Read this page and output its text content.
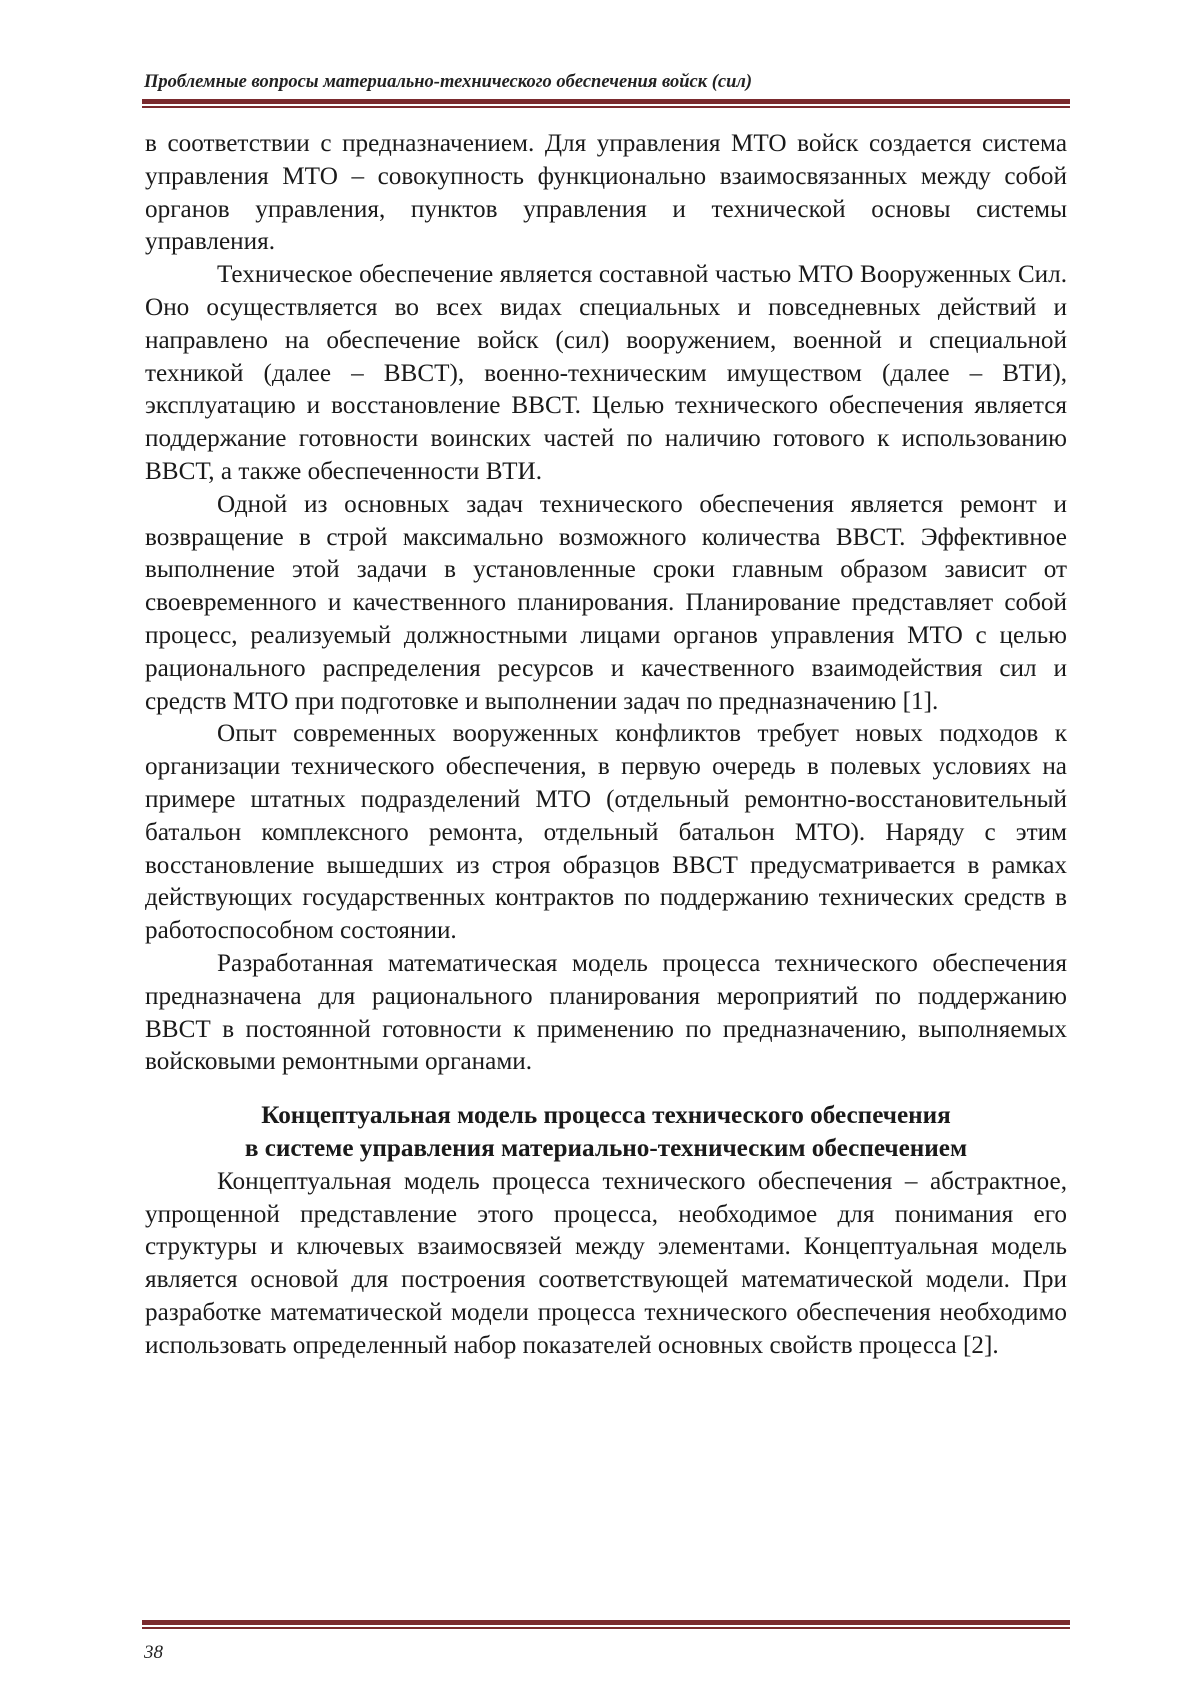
Проблемные вопросы материально-технического обеспечения войск (сил)

в соответствии с предназначением. Для управления МТО войск создается система управления МТО – совокупность функционально взаимосвязанных между собой органов управления, пунктов управления и технической основы системы управления.

Техническое обеспечение является составной частью МТО Вооруженных Сил. Оно осуществляется во всех видах специальных и повседневных действий и направлено на обеспечение войск (сил) вооружением, военной и специальной техникой (далее – ВВСТ), военно-техническим имуществом (далее – ВТИ), эксплуатацию и восстановление ВВСТ. Целью технического обеспечения является поддержание готовности воинских частей по наличию готового к использованию ВВСТ, а также обеспеченности ВТИ.

Одной из основных задач технического обеспечения является ремонт и возвращение в строй максимально возможного количества ВВСТ. Эффективное выполнение этой задачи в установленные сроки главным образом зависит от своевременного и качественного планирования. Планирование представляет собой процесс, реализуемый должностными лицами органов управления МТО с целью рационального распределения ресурсов и качественного взаимодействия сил и средств МТО при подготовке и выполнении задач по предназначению [1].

Опыт современных вооруженных конфликтов требует новых подходов к организации технического обеспечения, в первую очередь в полевых условиях на примере штатных подразделений МТО (отдельный ремонтно-восстановительный батальон комплексного ремонта, отдельный батальон МТО). Наряду с этим восстановление вышедших из строя образцов ВВСТ предусматривается в рамках действующих государственных контрактов по поддержанию технических средств в работоспособном состоянии.

Разработанная математическая модель процесса технического обеспечения предназначена для рационального планирования мероприятий по поддержанию ВВСТ в постоянной готовности к применению по предназначению, выполняемых войсковыми ремонтными органами.

Концептуальная модель процесса технического обеспечения
в системе управления материально-техническим обеспечением

Концептуальная модель процесса технического обеспечения – абстрактное, упрощенной представление этого процесса, необходимое для понимания его структуры и ключевых взаимосвязей между элементами. Концептуальная модель является основой для построения соответствующей математической модели. При разработке математической модели процесса технического обеспечения необходимо использовать определенный набор показателей основных свойств процесса [2].

38
